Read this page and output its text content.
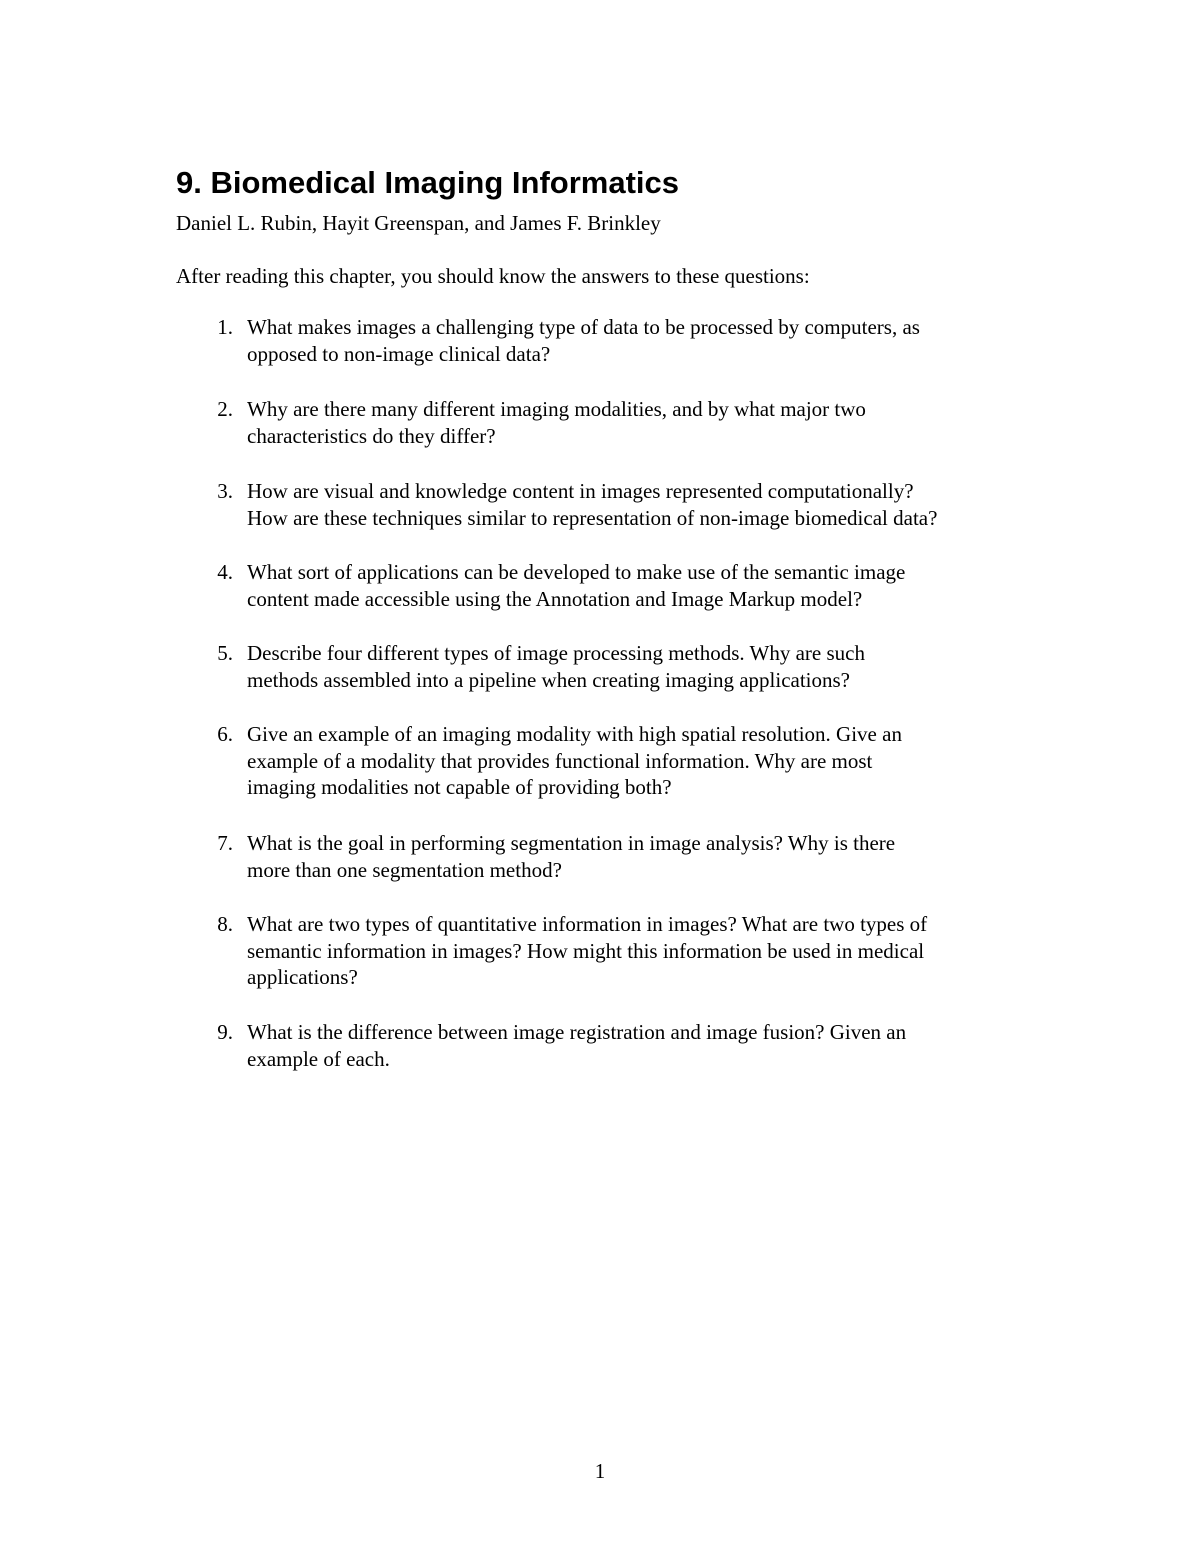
9. Biomedical Imaging Informatics

Daniel L. Rubin, Hayit Greenspan, and James F. Brinkley

After reading this chapter, you should know the answers to these questions:

1. What makes images a challenging type of data to be processed by computers, as
opposed to non-image clinical data?
2. Why are there many different imaging modalities, and by what major two
characteristics do they differ?
3. How are visual and knowledge content in images represented computationally?
How are these techniques similar to representation of non-image biomedical data?
4. What sort of applications can be developed to make use of the semantic image
content made accessible using the Annotation and Image Markup model?
5. Describe four different types of image processing methods. Why are such
methods assembled into a pipeline when creating imaging applications?
6. Give an example of an imaging modality with high spatial resolution. Give an
example of a modality that provides functional information. Why are most
imaging modalities not capable of providing both?
7. What is the goal in performing segmentation in image analysis? Why is there
more than one segmentation method?
8. What are two types of quantitative information in images? What are two types of
semantic information in images? How might this information be used in medical
applications?
9. What is the difference between image registration and image fusion? Given an
example of each.
1
